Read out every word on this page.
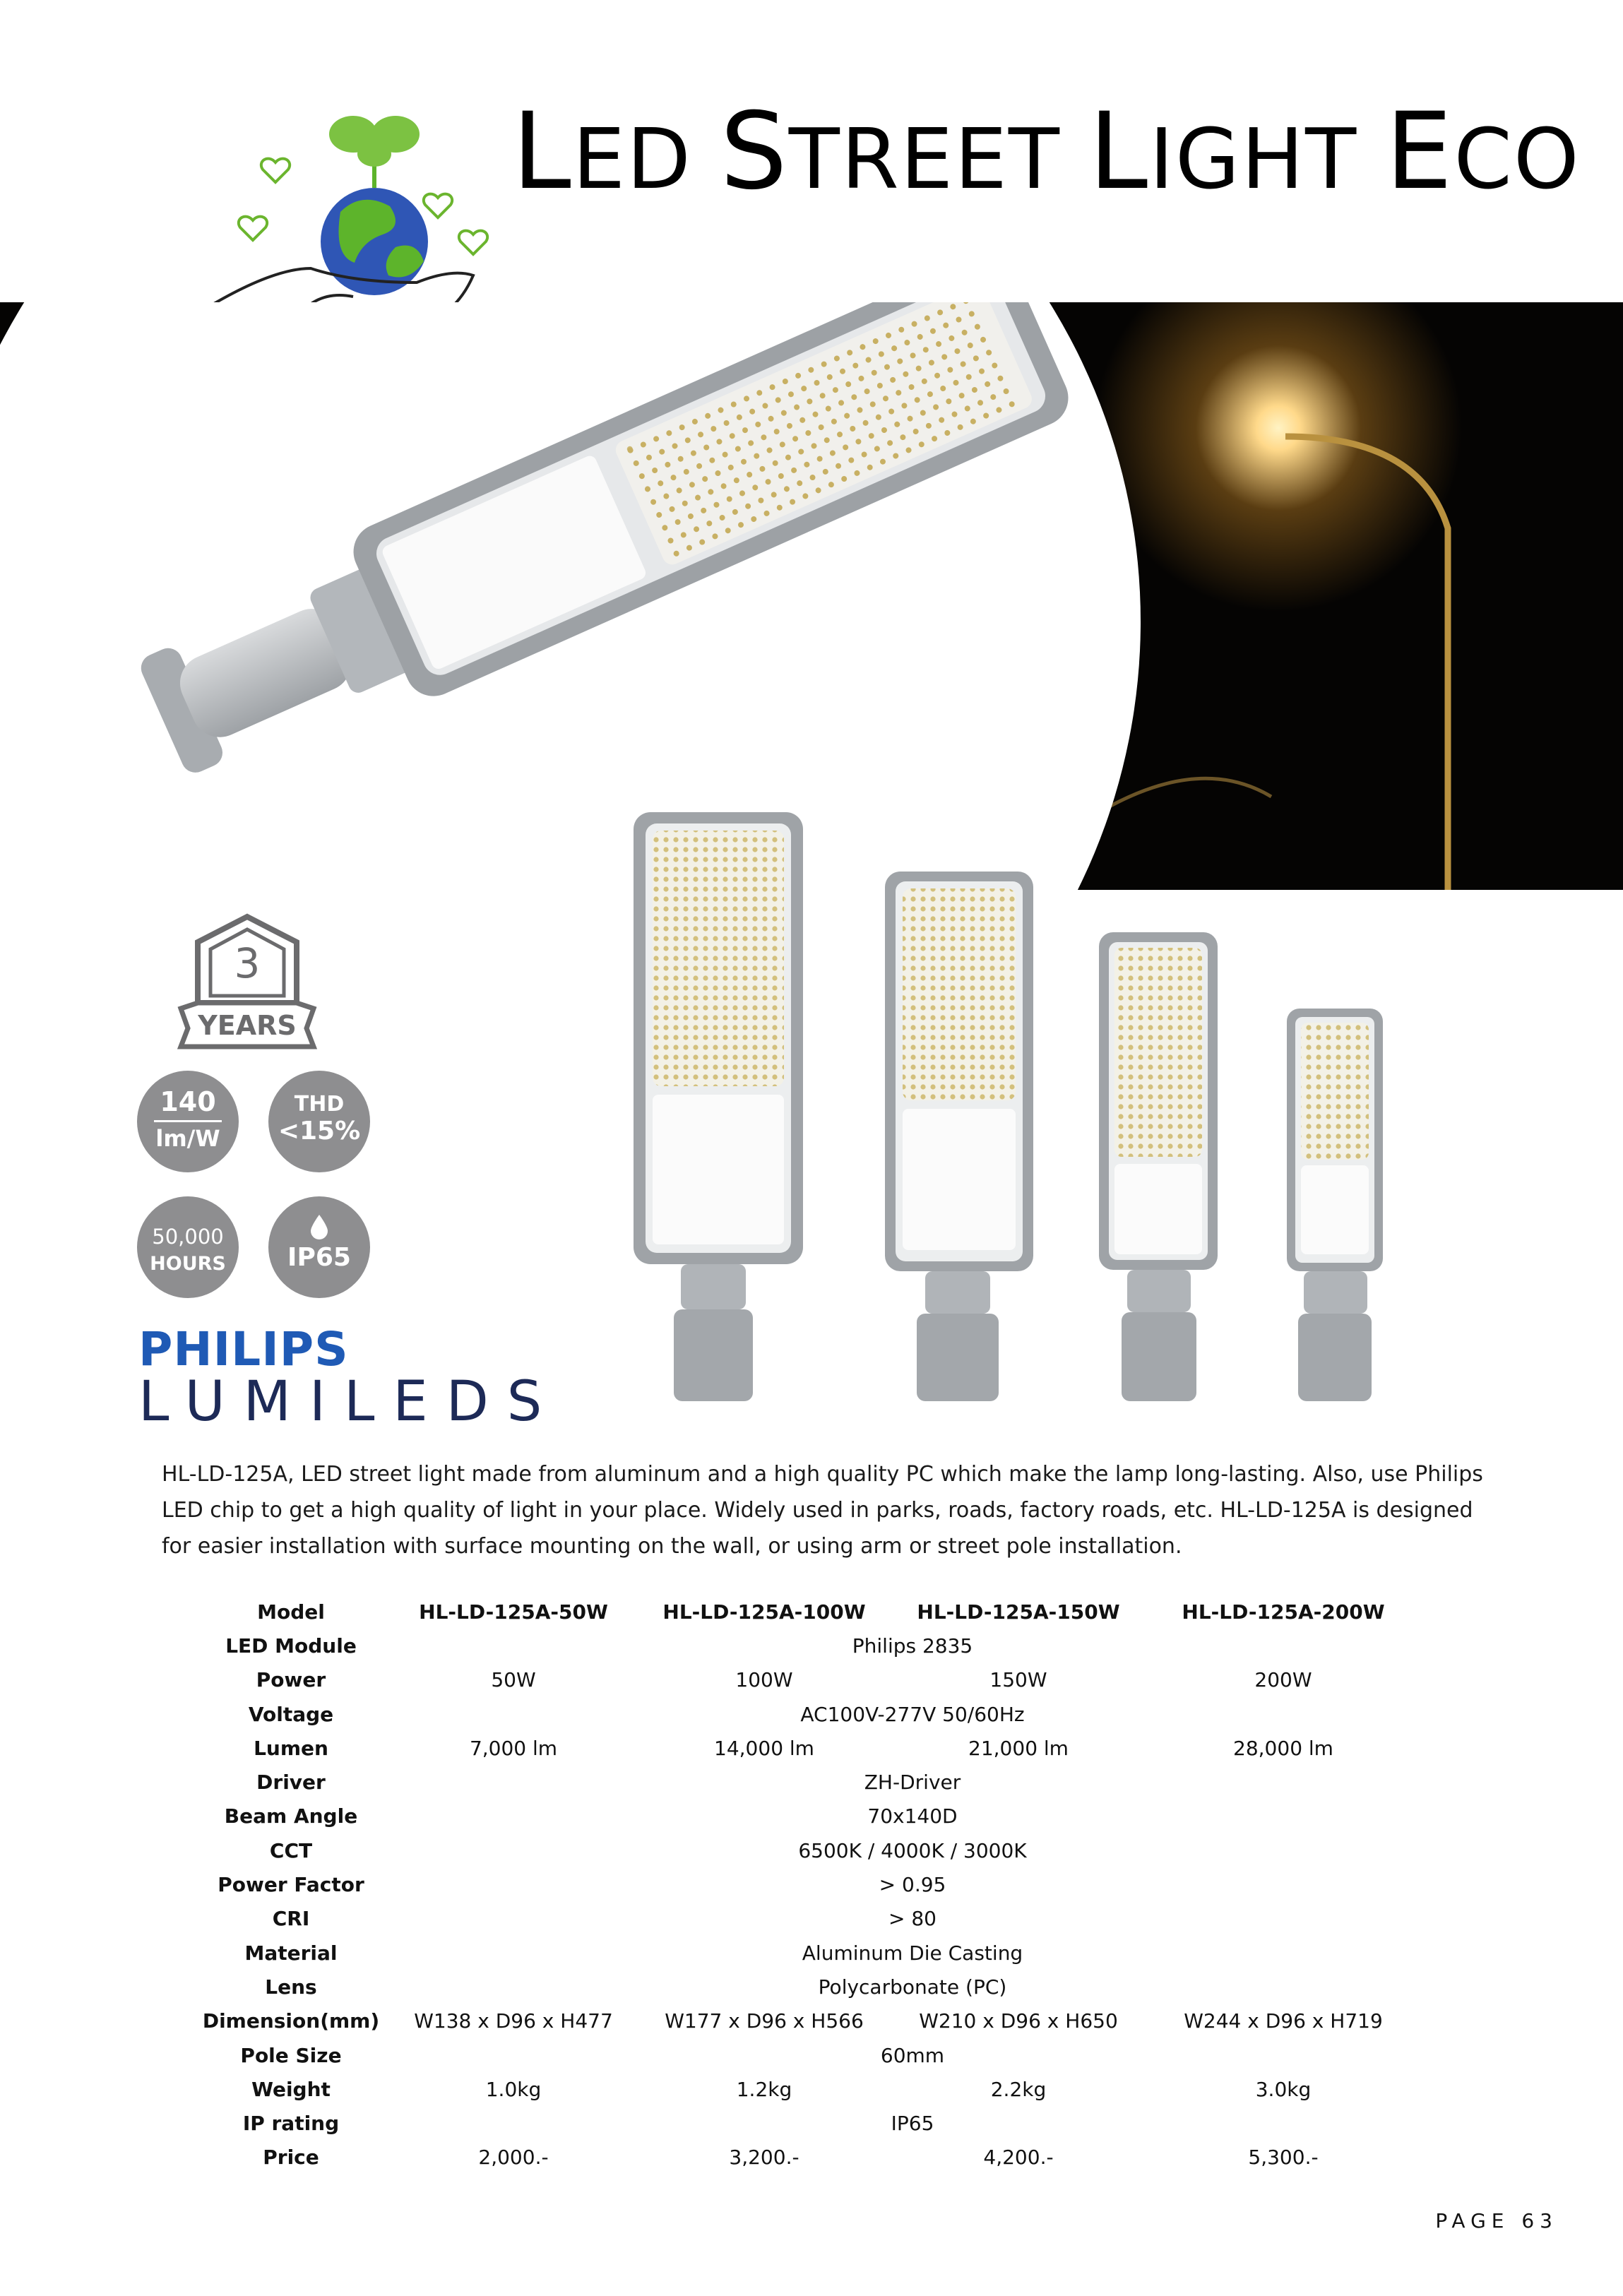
LED STREET LIGHT ECO
3
YEARS
140
lm/W
THD
<15%
50,000
HOURS	IP65
PHILIPS
LUMILEDS

HL-LD-125A, LED street light made from aluminum and a high quality PC which make the lamp long-lasting. Also, use Philips LED chip to get a high quality of light in your place. Widely used in parks, roads, factory roads, etc. HL-LD-125A is designed for easier installation with surface mounting on the wall, or using arm or street pole installation.

Model	HL-LD-125A-50W	HL-LD-125A-100W	HL-LD-125A-150W	HL-LD-125A-200W
LED Module	Philips 2835			
Power	50W	100W	150W	200W
Voltage	AC100V-277V 50/60Hz			
Lumen	7,000 lm	14,000 lm	21,000 lm	28,000 lm
Driver	ZH-Driver			
Beam Angle	70x140D			
CCT	6500K / 4000K / 3000K			
Power Factor	> 0.95			
CRI	> 80			
Material	Aluminum Die Casting			
Lens	Polycarbonate (PC)			
Dimension(mm)	W138 x D96 x H477	W177 x D96 x H566	W210 x D96 x H650	W244 x D96 x H719
Pole Size	60mm			
Weight	1.0kg	1.2kg	2.2kg	3.0kg
IP rating	IP65			
Price	2,000.-	3,200.-	4,200.-	5,300.-
PAGE 63
